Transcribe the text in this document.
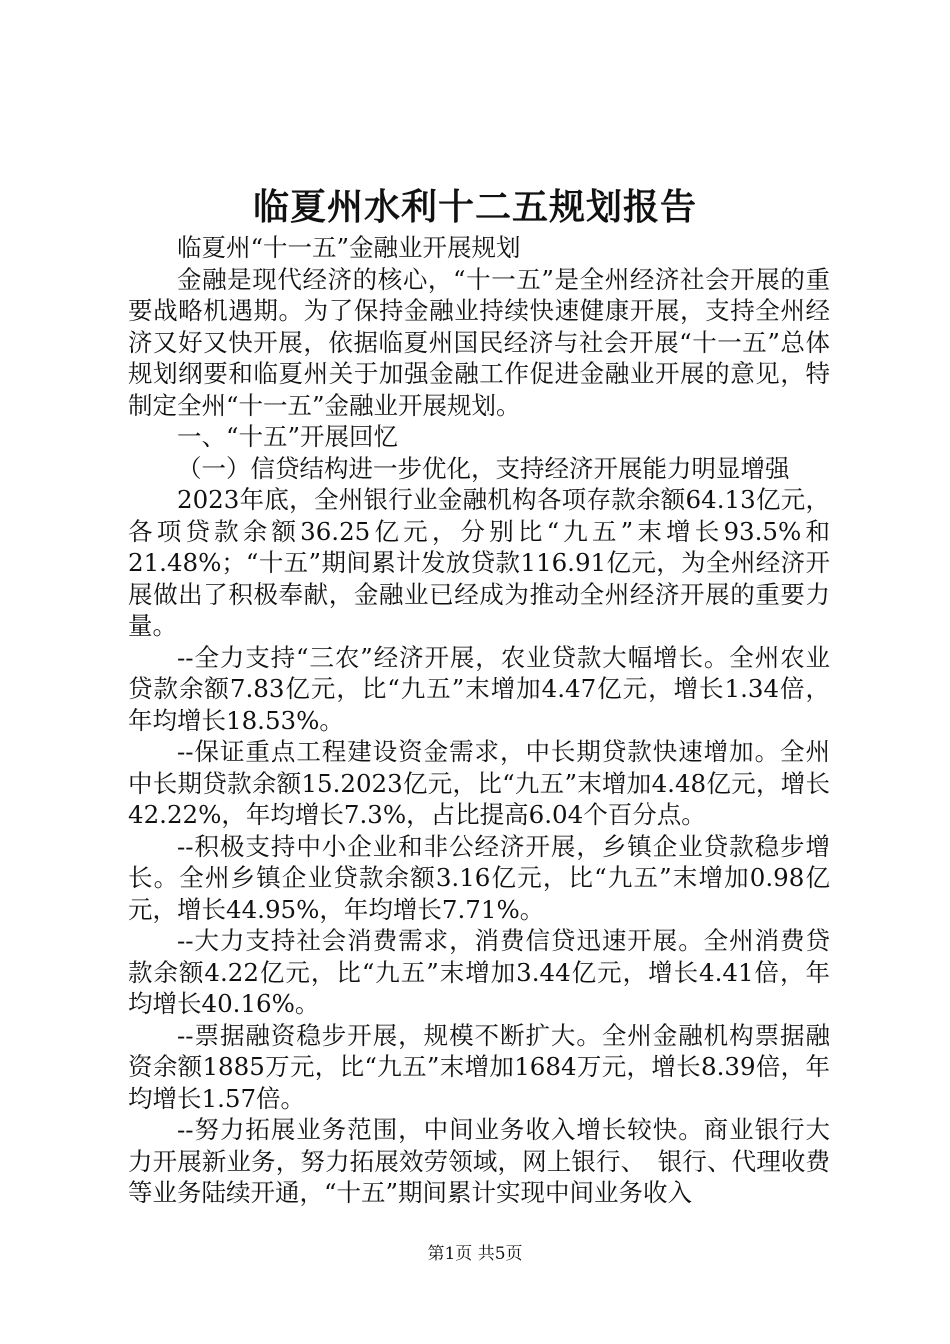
临夏州水利十二五规划报告

临夏州“十一五”金融业开展规划

金融是现代经济的核心，“十一五”是全州经济社会开展的重要战略机遇期。为了保持金融业持续快速健康开展，支持全州经济又好又快开展，依据临夏州国民经济与社会开展“十一五”总体规划纲要和临夏州关于加强金融工作促进金融业开展的意见，特制定全州“十一五”金融业开展规划。

一、“十五”开展回忆

（一）信贷结构进一步优化，支持经济开展能力明显增强

2023年底，全州银行业金融机构各项存款余额64.13亿元，各项贷款余额36.25亿元，分别比“九五”末增长93.5%和21.48%；“十五”期间累计发放贷款116.91亿元，为全州经济开展做出了积极奉献，金融业已经成为推动全州经济开展的重要力量。

--全力支持“三农”经济开展，农业贷款大幅增长。全州农业贷款余额7.83亿元，比“九五”末增加4.47亿元，增长1.34倍，年均增长18.53%。

--保证重点工程建设资金需求，中长期贷款快速增加。全州中长期贷款余额15.2023亿元，比“九五”末增加4.48亿元，增长42.22%，年均增长7.3%，占比提高6.04个百分点。

--积极支持中小企业和非公经济开展，乡镇企业贷款稳步增长。全州乡镇企业贷款余额3.16亿元，比“九五”末增加0.98亿元，增长44.95%，年均增长7.71%。

--大力支持社会消费需求，消费信贷迅速开展。全州消费贷款余额4.22亿元，比“九五”末增加3.44亿元，增长4.41倍，年均增长40.16%。

--票据融资稳步开展，规模不断扩大。全州金融机构票据融资余额1885万元，比“九五”末增加1684万元，增长8.39倍，年均增长1.57倍。

--努力拓展业务范围，中间业务收入增长较快。商业银行大力开展新业务，努力拓展效劳领域，网上银行、　银行、代理收费等业务陆续开通，“十五”期间累计实现中间业务收入

第1页 共5页
